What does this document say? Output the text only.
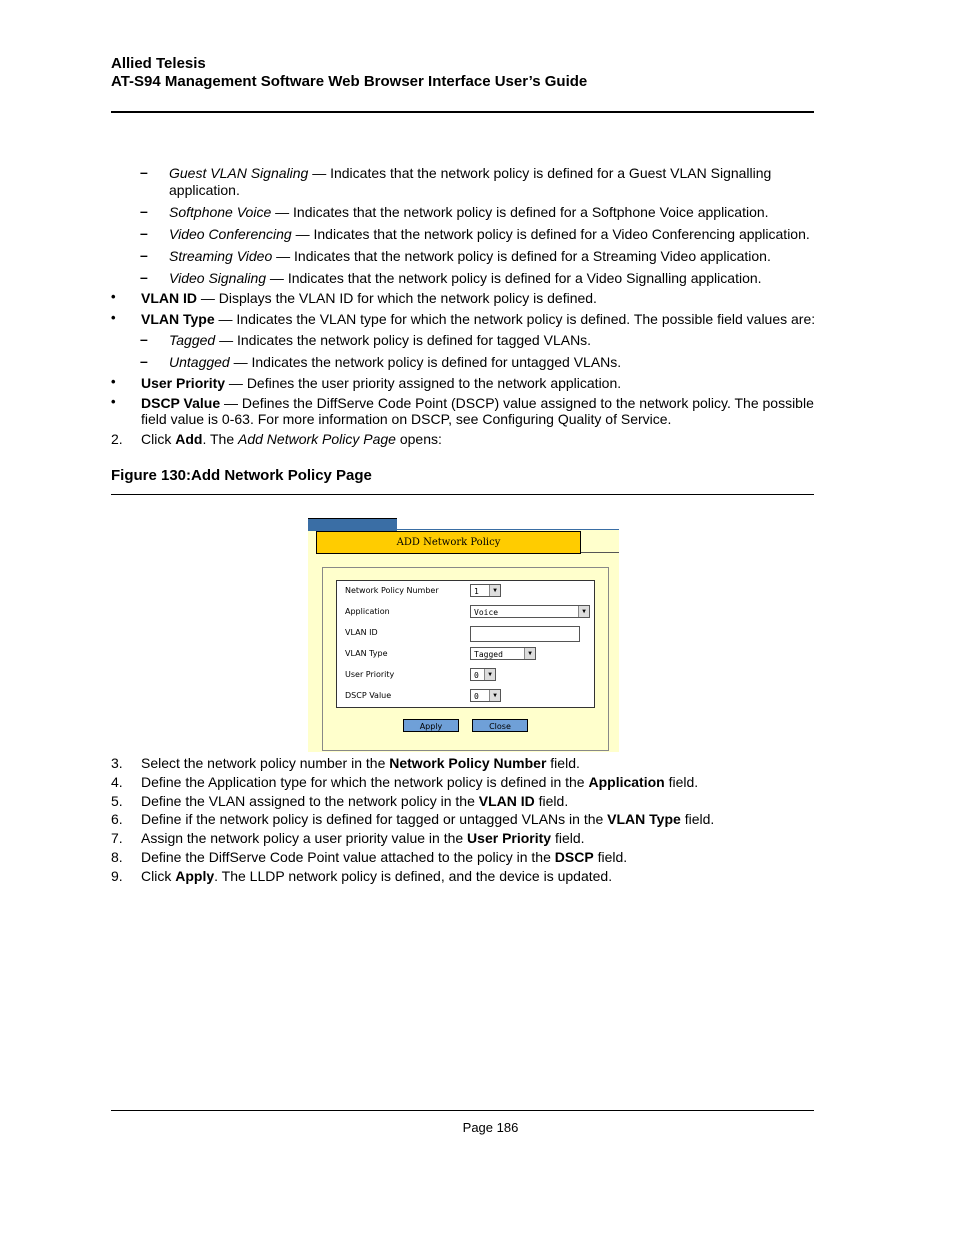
Allied Telesis
AT-S94 Management Software Web Browser Interface User’s Guide
– Guest VLAN Signaling — Indicates that the network policy is defined for a Guest VLAN Signalling
application.
– Softphone Voice — Indicates that the network policy is defined for a Softphone Voice application.
– Video Conferencing — Indicates that the network policy is defined for a Video Conferencing application.
– Streaming Video — Indicates that the network policy is defined for a Streaming Video application.
– Video Signaling — Indicates that the network policy is defined for a Video Signalling application.
• VLAN ID — Displays the VLAN ID for which the network policy is defined.
• VLAN Type — Indicates the VLAN type for which the network policy is defined. The possible field values are:
– Tagged — Indicates the network policy is defined for tagged VLANs.
– Untagged — Indicates the network policy is defined for untagged VLANs.
• User Priority — Defines the user priority assigned to the network application.
• DSCP Value — Defines the DiffServe Code Point (DSCP) value assigned to the network policy. The possible
field value is 0-63. For more information on DSCP, see Configuring Quality of Service.
2. Click Add. The Add Network Policy Page opens:
Figure 130:Add Network Policy Page
ADD Network Policy
Network Policy Number	1	▼
Application	Voice	▼
VLAN ID
VLAN Type	Tagged	▼
User Priority	0	▼
DSCP Value	0	▼
Apply	Close
3. Select the network policy number in the Network Policy Number field.
4. Define the Application type for which the network policy is defined in the Application field.
5. Define the VLAN assigned to the network policy in the VLAN ID field.
6. Define if the network policy is defined for tagged or untagged VLANs in the VLAN Type field.
7. Assign the network policy a user priority value in the User Priority field.
8. Define the DiffServe Code Point value attached to the policy in the DSCP field.
9. Click Apply. The LLDP network policy is defined, and the device is updated.
Page 186
